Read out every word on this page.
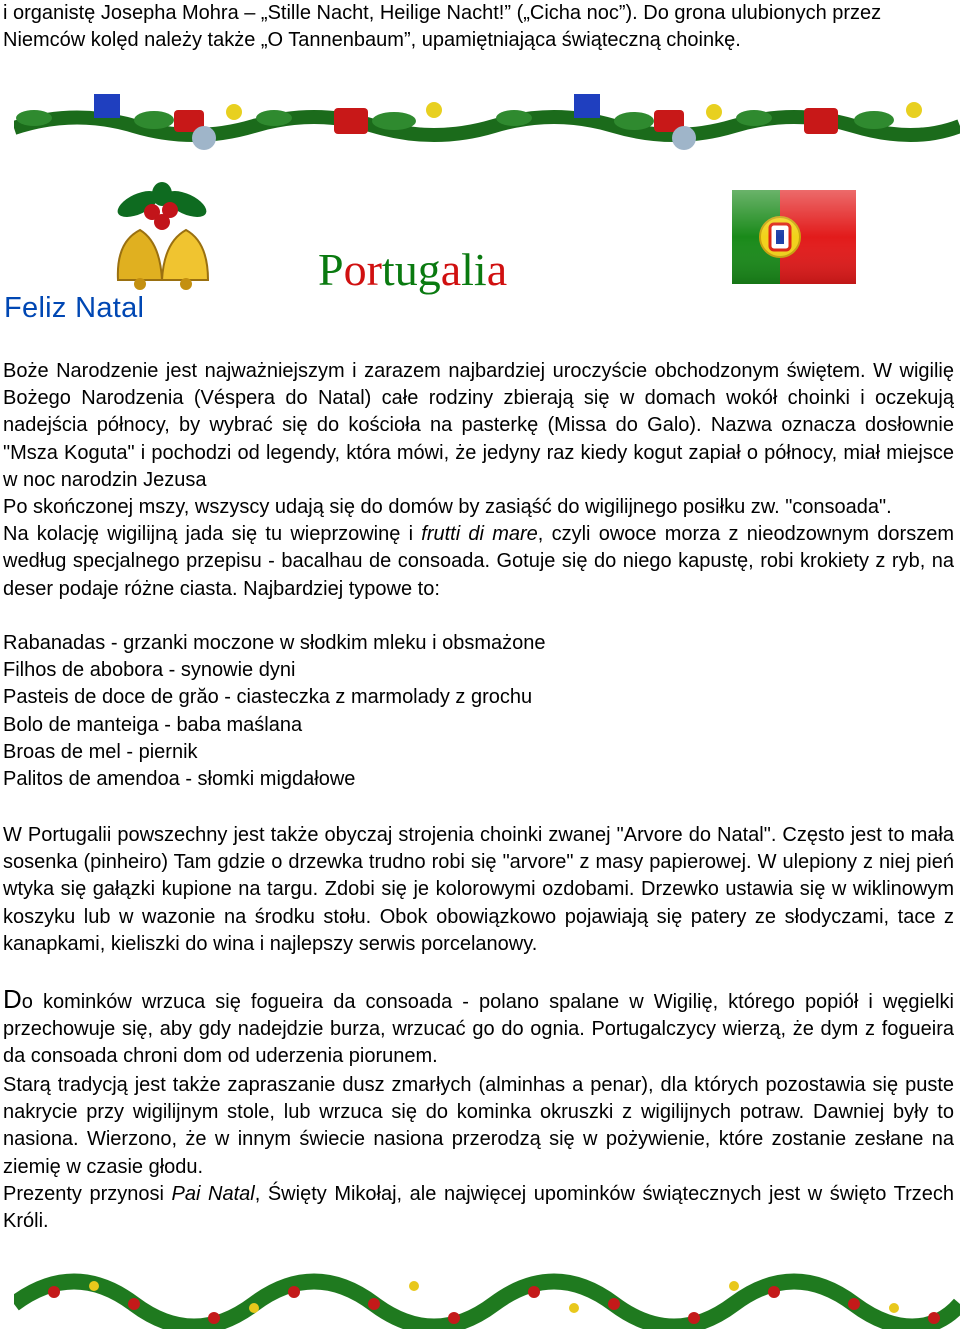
i organistę Josepha Mohra – „Stille Nacht, Heilige Nacht!” („Cicha noc”). Do grona ulubionych przez Niemców kolęd należy także „O Tannenbaum”, upamiętniająca świąteczną choinkę.

Feliz Natal
Portugalia
Boże Narodzenie jest najważniejszym i zarazem najbardziej uroczyście obchodzonym świętem. W wigilię Bożego Narodzenia (Véspera do Natal) całe rodziny zbierają się w domach wokół choinki i oczekują nadejścia północy, by wybrać się do kościoła na pasterkę (Missa do Galo). Nazwa oznacza dosłownie "Msza Koguta" i pochodzi od legendy, która mówi, że jedyny raz kiedy kogut zapiał o północy, miał miejsce w noc narodzin Jezusa
Po skończonej mszy, wszyscy udają się do domów by zasiąść do wigilijnego posiłku zw. "consoada".
Na kolację wigilijną jada się tu wieprzowinę i frutti di mare, czyli owoce morza z nieodzownym dorszem według specjalnego przepisu - bacalhau de consoada. Gotuje się do niego kapustę, robi krokiety z ryb, na deser podaje różne ciasta. Najbardziej typowe to:
Rabanadas - grzanki moczone w słodkim mleku i obsmażone
Filhos de abobora - synowie dyni
Pasteis de doce de grăo - ciasteczka z marmolady z grochu
Bolo de manteiga - baba maślana
Broas de mel - piernik
Palitos de amendoa - słomki migdałowe

W Portugalii powszechny jest także obyczaj strojenia choinki zwanej "Arvore do Natal". Często jest to mała sosenka (pinheiro) Tam gdzie o drzewka trudno robi się "arvore" z masy papierowej. W ulepiony z niej pień wtyka się gałązki kupione na targu. Zdobi się je kolorowymi ozdobami. Drzewko ustawia się w wiklinowym koszyku lub w wazonie na środku stołu. Obok obowiązkowo pojawiają się patery ze słodyczami, tace z kanapkami, kieliszki do wina i najlepszy serwis porcelanowy.

Do kominków wrzuca się fogueira da consoada - polano spalane w Wigilię, którego popiół i węgielki przechowuje się, aby gdy nadejdzie burza, wrzucać go do ognia. Portugalczycy wierzą, że dym z fogueira da consoada chroni dom od uderzenia piorunem.

Starą tradycją jest także zapraszanie dusz zmarłych (alminhas a penar), dla których pozostawia się puste nakrycie przy wigilijnym stole, lub wrzuca się do kominka okruszki z wigilijnych potraw. Dawniej były to nasiona. Wierzono, że w innym świecie nasiona przerodzą się w pożywienie, które zostanie zesłane na ziemię w czasie głodu.

Prezenty przynosi Pai Natal, Święty Mikołaj, ale najwięcej upominków świątecznych jest w święto Trzech Króli.
